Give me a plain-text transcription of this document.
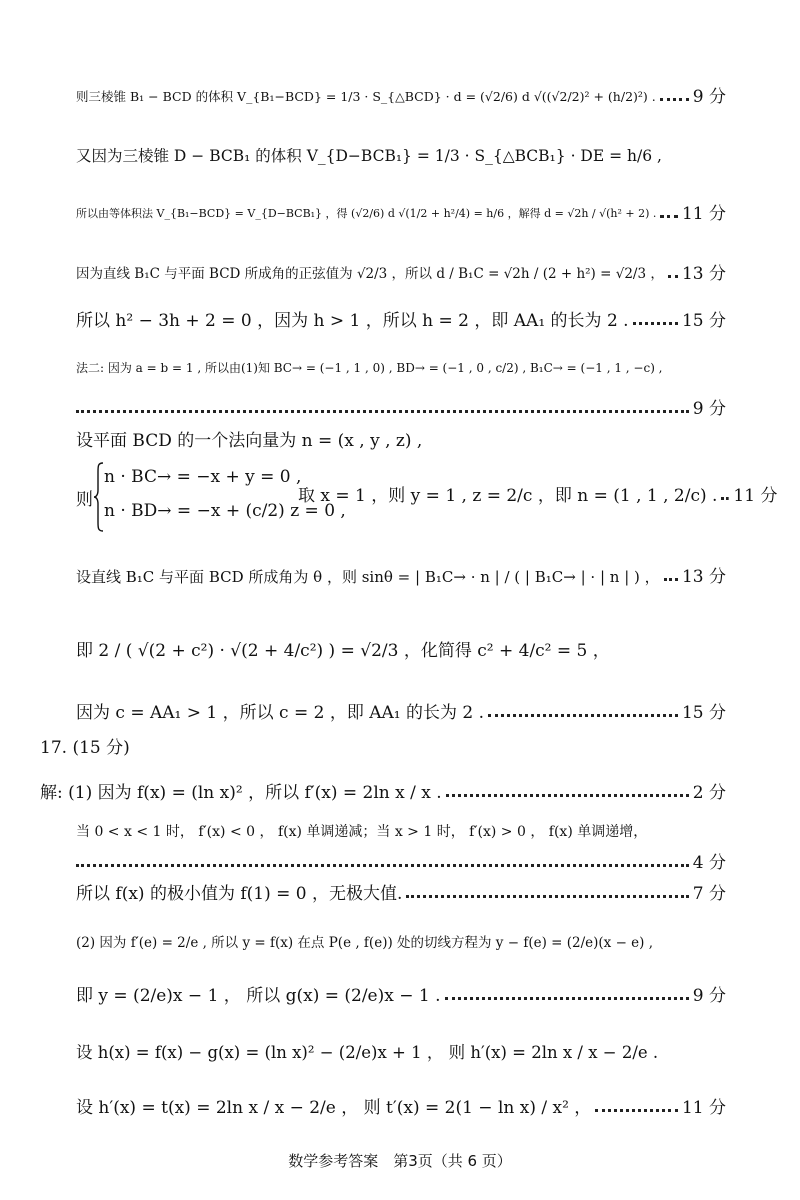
则三棱锥 B₁ − BCD 的体积 V_{B₁−BCD} = 1/3 · S_{△BCD} · d = (√2/6) d √((√2/2)² + (h/2)²) . 9 分
又因为三棱锥 D − BCB₁ 的体积 V_{D−BCB₁} = 1/3 · S_{△BCB₁} · DE = h/6 ,
所以由等体积法 V_{B₁−BCD} = V_{D−BCB₁} ，得 (√2/6) d √(1/2 + h²/4) = h/6 ，解得 d = √2h / √(h² + 2) . 11 分
因为直线 B₁C 与平面 BCD 所成角的正弦值为 √2/3 ，所以 d / B₁C = √2h / (2 + h²) = √2/3 ， 13 分
所以 h² − 3h + 2 = 0 ，因为 h > 1 ，所以 h = 2 ，即 AA₁ 的长为 2 .	15 分
法二: 因为 a = b = 1 , 所以由(1)知 BC→ = (−1 , 1 , 0) , BD→ = (−1 , 0 , c/2) , B₁C→ = (−1 , 1 , −c) ,
9 分
设平面 BCD 的一个法向量为 n = (x , y , z) ,
则
n · BC→ = −x + y = 0 ,
n · BD→ = −x + (c/2) z = 0 ,
取 x = 1 ，则 y = 1 , z = 2/c ，即 n = (1 , 1 , 2/c) . 11 分
设直线 B₁C 与平面 BCD 所成角为 θ ，则 sinθ = | B₁C→ · n | / ( | B₁C→ | · | n | ) ， 13 分
即 2 / ( √(2 + c²) · √(2 + 4/c²) ) = √2/3 ，化简得 c² + 4/c² = 5 ，
因为 c = AA₁ > 1 ，所以 c = 2 ，即 AA₁ 的长为 2 .	15 分
17. (15 分)
解: (1) 因为 f(x) = (ln x)² ，所以 f′(x) = 2ln x / x .	2 分
当 0 < x < 1 时， f′(x) < 0 ， f(x) 单调递减；当 x > 1 时， f′(x) > 0 ， f(x) 单调递增，
4 分
所以 f(x) 的极小值为 f(1) = 0 ，无极大值.	7 分
(2) 因为 f′(e) = 2/e , 所以 y = f(x) 在点 P(e , f(e)) 处的切线方程为 y − f(e) = (2/e)(x − e) ,
即 y = (2/e)x − 1 ， 所以 g(x) = (2/e)x − 1 .	9 分
设 h(x) = f(x) − g(x) = (ln x)² − (2/e)x + 1 ， 则 h′(x) = 2ln x / x − 2/e .
设 h′(x) = t(x) = 2ln x / x − 2/e ， 则 t′(x) = 2(1 − ln x) / x² ，	11 分
数学参考答案　第3页（共 6 页）
